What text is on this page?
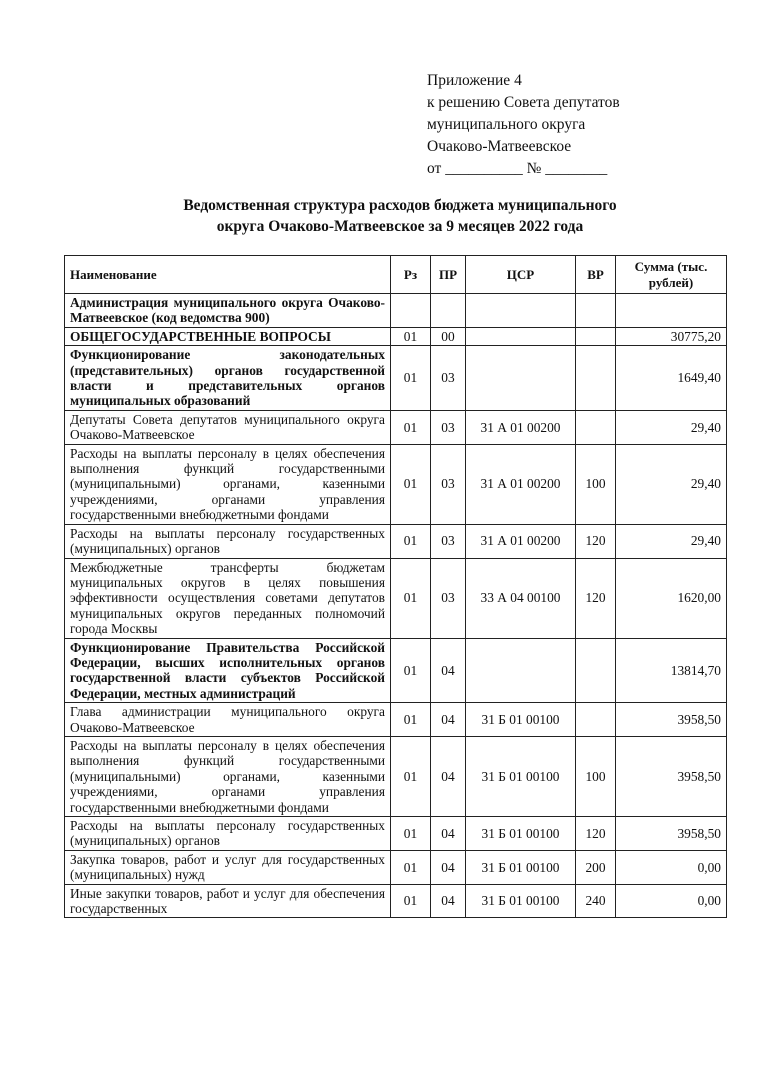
Приложение 4
к решению Совета депутатов
муниципального округа
Очаково-Матвеевское
от __________ № ________
Ведомственная структура расходов бюджета муниципального
округа Очаково-Матвеевское за 9 месяцев 2022 года
Наименование	Рз	ПР	ЦСР	ВР	Сумма (тыс. рублей)
Администрация муниципального округа Очаково-Матвеевское (код ведомства 900)					
ОБЩЕГОСУДАРСТВЕННЫЕ ВОПРОСЫ	01	00			30775,20
Функционирование законодательных (представительных) органов государственной власти и представительных органов муниципальных образований	01	03			1649,40
Депутаты Совета депутатов муниципального округа Очаково-Матвеевское	01	03	31 А 01 00200		29,40
Расходы на выплаты персоналу в целях обеспечения выполнения функций государственными (муниципальными) органами, казенными учреждениями, органами управления государственными внебюджетными фондами	01	03	31 А 01 00200	100	29,40
Расходы на выплаты персоналу государственных (муниципальных) органов	01	03	31 А 01 00200	120	29,40
Межбюджетные трансферты бюджетам муниципальных округов в целях повышения эффективности осуществления советами депутатов муниципальных округов переданных полномочий города Москвы	01	03	33 А 04 00100	120	1620,00
Функционирование Правительства Российской Федерации, высших исполнительных органов государственной власти субъектов Российской Федерации, местных администраций	01	04			13814,70
Глава администрации муниципального округа Очаково-Матвеевское	01	04	31 Б 01 00100		3958,50
Расходы на выплаты персоналу в целях обеспечения выполнения функций государственными (муниципальными) органами, казенными учреждениями, органами управления государственными внебюджетными фондами	01	04	31 Б 01 00100	100	3958,50
Расходы на выплаты персоналу государственных (муниципальных) органов	01	04	31 Б 01 00100	120	3958,50
Закупка товаров, работ и услуг для государственных (муниципальных) нужд	01	04	31 Б 01 00100	200	0,00
Иные закупки товаров, работ и услуг для обеспечения государственных	01	04	31 Б 01 00100	240	0,00
